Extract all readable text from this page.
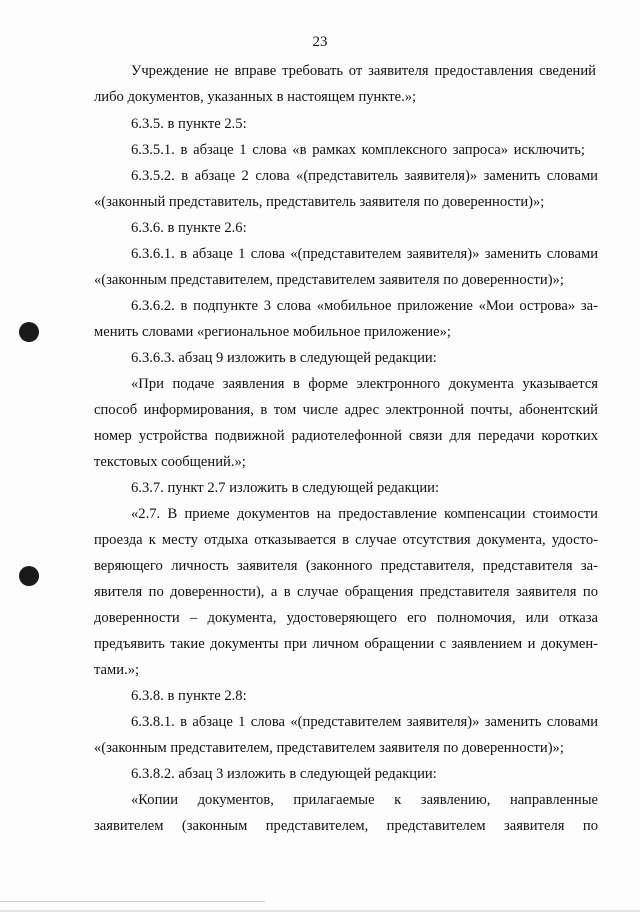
23
Учреждение не вправе требовать от заявителя предоставления сведений
либо документов, указанных в настоящем пункте.»;
6.3.5. в пункте 2.5:
6.3.5.1. в абзаце 1 слова «в рамках комплексного запроса» исключить;
6.3.5.2. в абзаце 2 слова «(представитель заявителя)» заменить словами
«(законный представитель, представитель заявителя по доверенности)»;
6.3.6. в пункте 2.6:
6.3.6.1. в абзаце 1 слова «(представителем заявителя)» заменить словами
«(законным представителем, представителем заявителя по доверенности)»;
6.3.6.2. в подпункте 3 слова «мобильное приложение «Мои острова» за-
менить словами «региональное мобильное приложение»;
6.3.6.3. абзац 9 изложить в следующей редакции:
«При подаче заявления в форме электронного документа указывается
способ информирования, в том числе адрес электронной почты, абонентский
номер устройства подвижной радиотелефонной связи для передачи коротких
текстовых сообщений.»;
6.3.7. пункт 2.7 изложить в следующей редакции:
«2.7. В приеме документов на предоставление компенсации стоимости
проезда к месту отдыха отказывается в случае отсутствия документа, удосто-
веряющего личность заявителя (законного представителя, представителя за-
явителя по доверенности), а в случае обращения представителя заявителя по
доверенности – документа, удостоверяющего его полномочия, или отказа
предъявить такие документы при личном обращении с заявлением и докумен-
тами.»;
6.3.8. в пункте 2.8:
6.3.8.1. в абзаце 1 слова «(представителем заявителя)» заменить словами
«(законным представителем, представителем заявителя по доверенности)»;
6.3.8.2. абзац 3 изложить в следующей редакции:
«Копии документов, прилагаемые к заявлению, направленные
заявителем (законным представителем, представителем заявителя по
